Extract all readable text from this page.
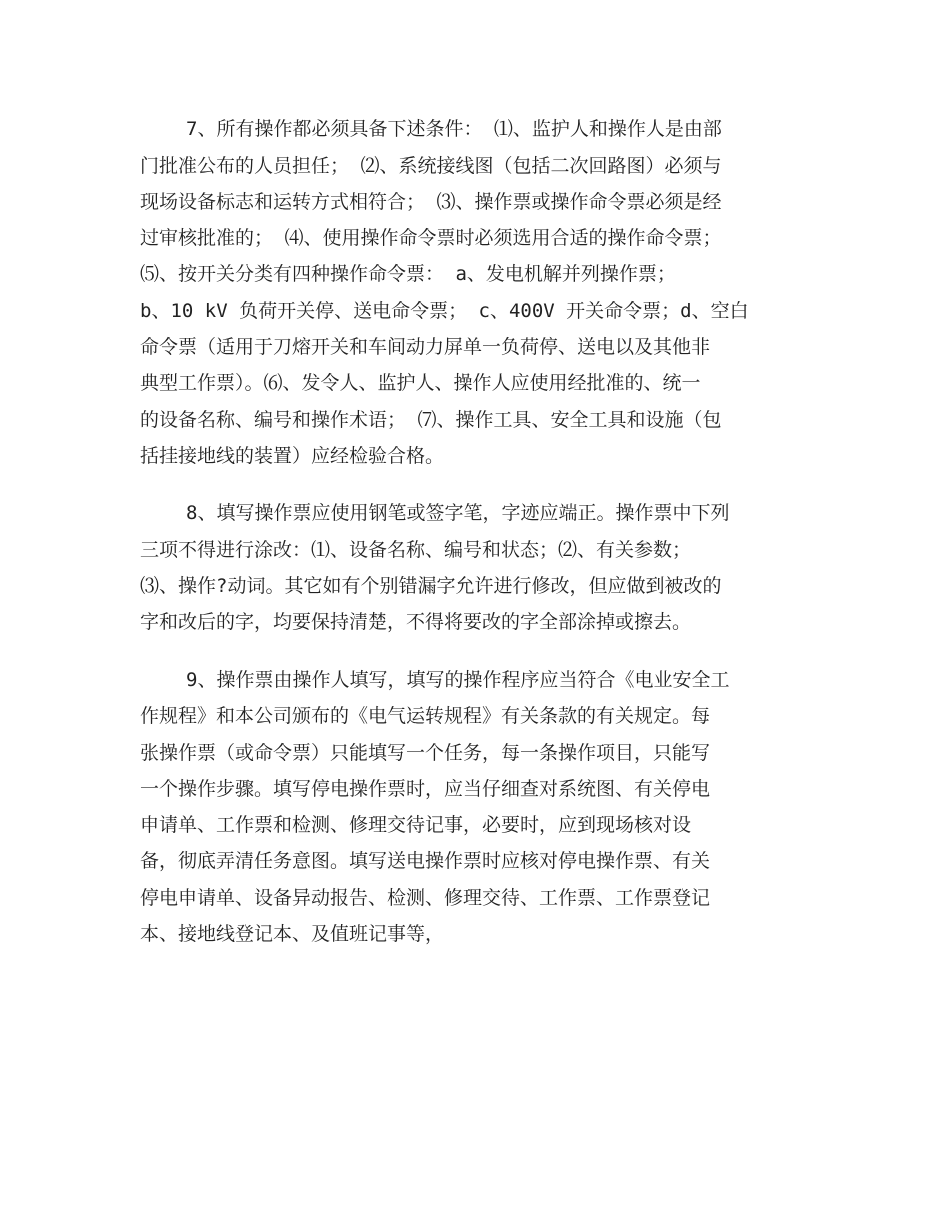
7、所有操作都必须具备下述条件： ⑴、监护人和操作人是由部
门批准公布的人员担任； ⑵、系统接线图（包括二次回路图）必须与
现场设备标志和运转方式相符合； ⑶、操作票或操作命令票必须是经
过审核批准的； ⑷、使用操作命令票时必须选用合适的操作命令票；
⑸、按开关分类有四种操作命令票： a、发电机解并列操作票；
b、10 kV 负荷开关停、送电命令票； c、400V 开关命令票；d、空白
命令票（适用于刀熔开关和车间动力屏单一负荷停、送电以及其他非
典型工作票）。⑹、发令人、监护人、操作人应使用经批准的、统一
的设备名称、编号和操作术语； ⑺、操作工具、安全工具和设施（包
括挂接地线的装置）应经检验合格。
8、填写操作票应使用钢笔或签字笔，字迹应端正。操作票中下列
三项不得进行涂改：⑴、设备名称、编号和状态；⑵、有关参数；
⑶、操作?动词。其它如有个别错漏字允许进行修改，但应做到被改的
字和改后的字，均要保持清楚，不得将要改的字全部涂掉或擦去。
9、操作票由操作人填写，填写的操作程序应当符合《电业安全工
作规程》和本公司颁布的《电气运转规程》有关条款的有关规定。每
张操作票（或命令票）只能填写一个任务，每一条操作项目，只能写
一个操作步骤。填写停电操作票时，应当仔细查对系统图、有关停电
申请单、工作票和检测、修理交待记事，必要时，应到现场核对设
备，彻底弄清任务意图。填写送电操作票时应核对停电操作票、有关
停电申请单、设备异动报告、检测、修理交待、工作票、工作票登记
本、接地线登记本、及值班记事等，
